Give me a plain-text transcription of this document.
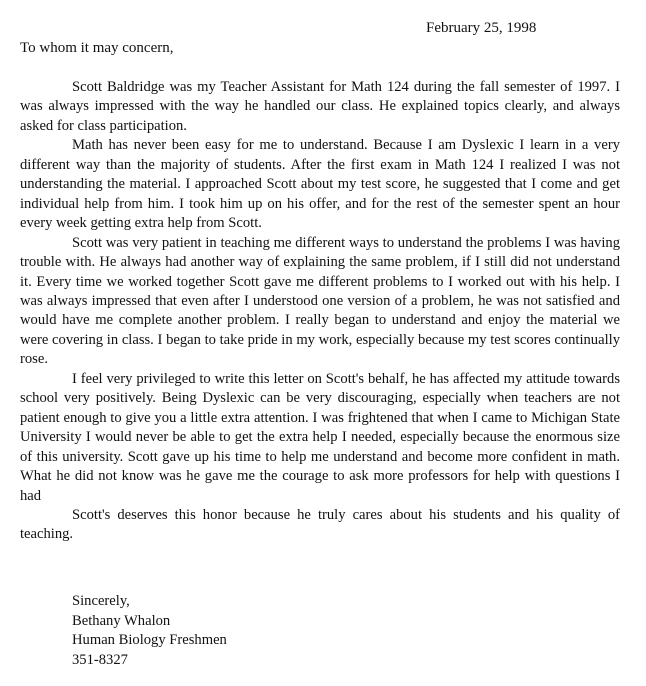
February 25, 1998
To whom it may concern,

Scott Baldridge was my Teacher Assistant for Math 124 during the fall semester of 1997. I was always impressed with the way he handled our class. He explained topics clearly, and always asked for class participation.

Math has never been easy for me to understand. Because I am Dyslexic I learn in a very different way than the majority of students. After the first exam in Math 124 I realized I was not understanding the material. I approached Scott about my test score, he suggested that I come and get individual help from him. I took him up on his offer, and for the rest of the semester spent an hour every week getting extra help from Scott.

Scott was very patient in teaching me different ways to understand the problems I was having trouble with. He always had another way of explaining the same problem, if I still did not understand it. Every time we worked together Scott gave me different problems to I worked out with his help. I was always impressed that even after I understood one version of a problem, he was not satisfied and would have me complete another problem. I really began to understand and enjoy the material we were covering in class. I began to take pride in my work, especially because my test scores continually rose.

I feel very privileged to write this letter on Scott's behalf, he has affected my attitude towards school very positively. Being Dyslexic can be very discouraging, especially when teachers are not patient enough to give you a little extra attention. I was frightened that when I came to Michigan State University I would never be able to get the extra help I needed, especially because the enormous size of this university. Scott gave up his time to help me understand and become more confident in math. What he did not know was he gave me the courage to ask more professors for help with questions I had

Scott's deserves this honor because he truly cares about his students and his quality of teaching.

Sincerely,
Bethany Whalon
Human Biology Freshmen
351-8327
